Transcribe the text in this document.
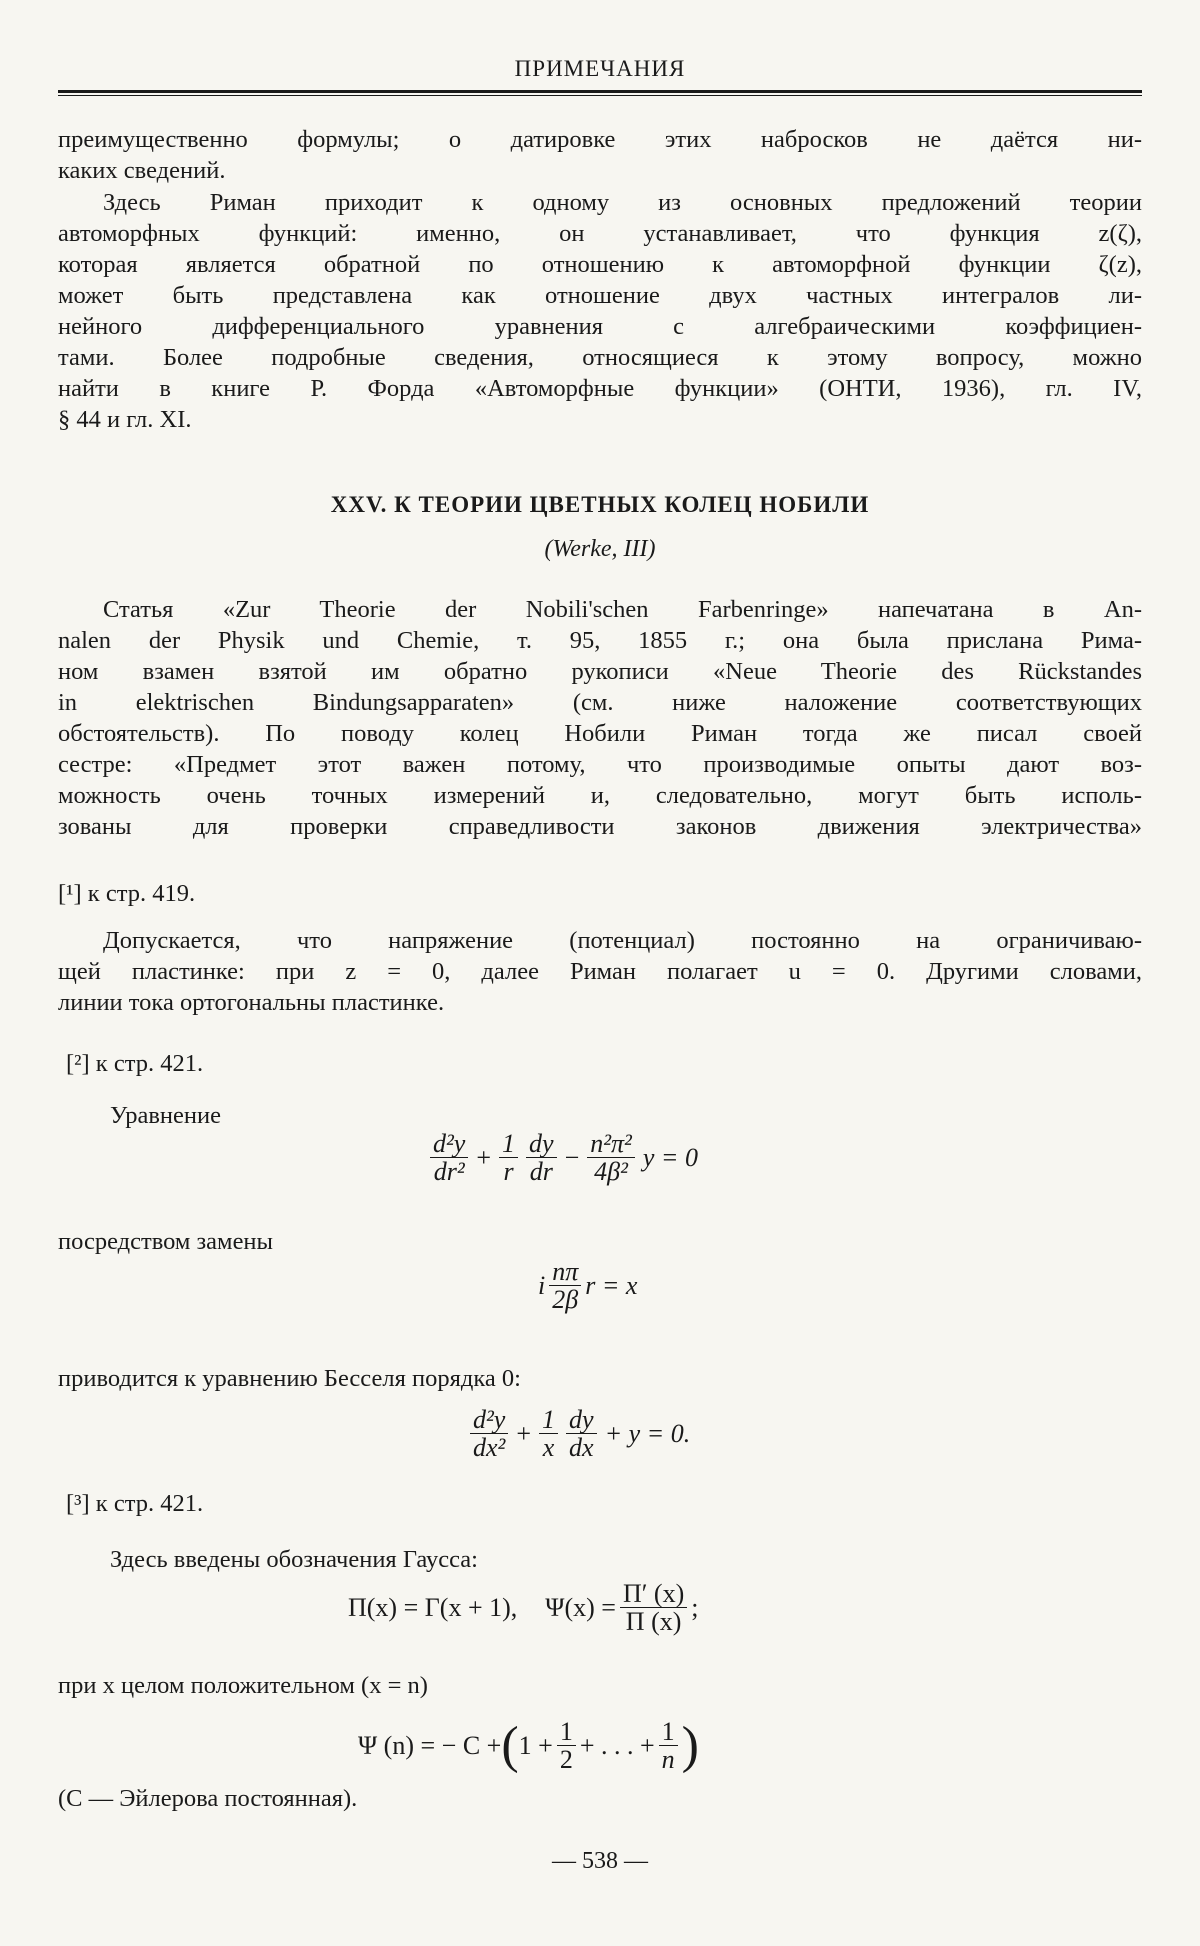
ПРИМЕЧАНИЯ
преимущественно формулы; о датировке этих набросков не даётся ни-
каких сведений.
Здесь Риман приходит к одному из основных предложений теории
автоморфных функций: именно, он устанавливает, что функция z(ζ),
которая является обратной по отношению к автоморфной функции ζ(z),
может быть представлена как отношение двух частных интегралов ли-
нейного дифференциального уравнения с алгебраическими коэффициен-
тами. Более подробные сведения, относящиеся к этому вопросу, можно
найти в книге Р. Форда «Автоморфные функции» (ОНТИ, 1936), гл. IV,
§ 44 и гл. XI.
XXV. К ТЕОРИИ ЦВЕТНЫХ КОЛЕЦ НОБИЛИ
(Werke, III)
Статья «Zur Theorie der Nobili'schen Farbenringe» напечатана в An-
nalen der Physik und Chemie, т. 95, 1855 г.; она была прислана Рима-
ном взамен взятой им обратно рукописи «Neue Theorie des Rückstandes
in elektrischen Bindungsapparaten» (см. ниже наложение соответствующих
обстоятельств). По поводу колец Нобили Риман тогда же писал своей
сестре: «Предмет этот важен потому, что производимые опыты дают воз-
можность очень точных измерений и, следовательно, могут быть исполь-
зованы для проверки справедливости законов движения электричества»
[¹] к стр. 419.
Допускается, что напряжение (потенциал) постоянно на ограничиваю-
щей пластинке: при z = 0, далее Риман полагает u = 0. Другими словами,
линии тока ортогональны пластинке.
[²] к стр. 421.
Уравнение
$\frac{\text{d²y}}{\text{dr²}} + \frac{1}{r} \frac{dy}{dr} - \frac{\text{n²π²}}{\text{4β²}}$ y = 0
посредством замены
i $\frac{n\pi}{2\beta}$ r = x
приводится к уравнению Бесселя порядка 0:
$\frac{\text{d²y}}{\text{dx²}} + \frac{1}{x} \frac{dy}{dx} + y = 0$.
[³] к стр. 421.
Здесь введены обозначения Гаусса:
Π(x) = Γ(x + 1), $\Psi(x) = \frac{\Pi' (x)}{\Pi (x)}$ ;
при x целом положительном (x = n)
Ψ (n) = − C + ( $1 + \frac{1}{2}$ + . . . + $\frac{1}{n}$ )
(C — Эйлерова постоянная).
— 538 —
